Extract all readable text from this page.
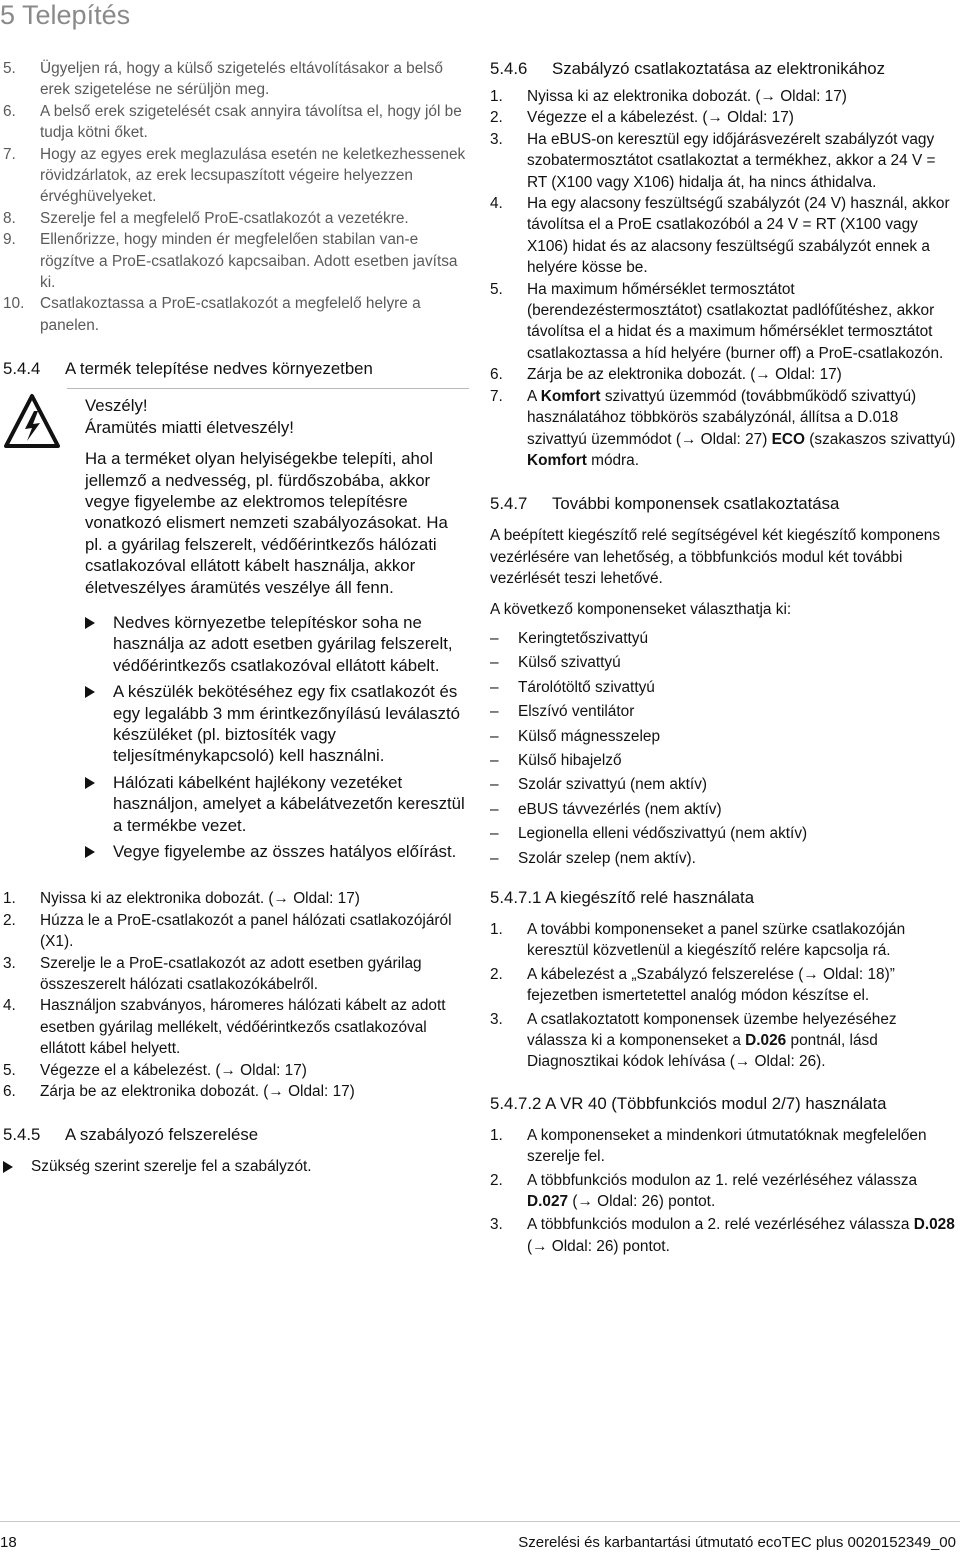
5 Telepítés
5. Ügyeljen rá, hogy a külső szigetelés eltávolításakor a belső erek szigetelése ne sérüljön meg.
6. A belső erek szigetelését csak annyira távolítsa el, hogy jól be tudja kötni őket.
7. Hogy az egyes erek meglazulása esetén ne keletkezhessenek rövidzárlatok, az erek lecsupaszított végeire helyezzen érvéghüvelyeket.
8. Szerelje fel a megfelelő ProE-csatlakozót a vezetékre.
9. Ellenőrizze, hogy minden ér megfelelően stabilan van-e rögzítve a ProE-csatlakozó kapcsaiban. Adott esetben javítsa ki.
10. Csatlakoztassa a ProE-csatlakozót a megfelelő helyre a panelen.
5.4.4 A termék telepítése nedves környezetben
Veszély!
Áramütés miatti életveszély!
Ha a terméket olyan helyiségekbe telepíti, ahol jellemző a nedvesség, pl. fürdőszobába, akkor vegye figyelembe az elektromos telepítésre vonatkozó elismert nemzeti szabályozásokat. Ha pl. a gyárilag felszerelt, védőérintkezős hálózati csatlakozóval ellátott kábelt használja, akkor életveszélyes áramütés veszélye áll fenn.
Nedves környezetbe telepítéskor soha ne használja az adott esetben gyárilag felszerelt, védőérintkezős csatlakozóval ellátott kábelt.
A készülék bekötéséhez egy fix csatlakozót és egy legalább 3 mm érintkezőnyílású leválasztó készüléket (pl. biztosíték vagy teljesítménykapcsoló) kell használni.
Hálózati kábelként hajlékony vezetéket használjon, amelyet a kábelátvezetőn keresztül a termékbe vezet.
Vegye figyelembe az összes hatályos előírást.
1. Nyissa ki az elektronika dobozát. (→ Oldal: 17)
2. Húzza le a ProE-csatlakozót a panel hálózati csatlakozójáról (X1).
3. Szerelje le a ProE-csatlakozót az adott esetben gyárilag összeszerelt hálózati csatlakozókábelről.
4. Használjon szabványos, háromeres hálózati kábelt az adott esetben gyárilag mellékelt, védőérintkezős csatlakozóval ellátott kábel helyett.
5. Végezze el a kábelezést. (→ Oldal: 17)
6. Zárja be az elektronika dobozát. (→ Oldal: 17)
5.4.5 A szabályozó felszerelése
Szükség szerint szerelje fel a szabályzót.
5.4.6 Szabályzó csatlakoztatása az elektronikához
1. Nyissa ki az elektronika dobozát. (→ Oldal: 17)
2. Végezze el a kábelezést. (→ Oldal: 17)
3. Ha eBUS-on keresztül egy időjárásvezérelt szabályzót vagy szobatermosztátot csatlakoztat a termékhez, akkor a 24 V = RT (X100 vagy X106) hidalja át, ha nincs áthidalva.
4. Ha egy alacsony feszültségű szabályzót (24 V) használ, akkor távolítsa el a ProE csatlakozóból a 24 V = RT (X100 vagy X106) hidat és az alacsony feszültségű szabályzót ennek a helyére kösse be.
5. Ha maximum hőmérséklet termosztátot (berendezéstermosztátot) csatlakoztat padlófűtéshez, akkor távolítsa el a hidat és a maximum hőmérséklet termosztátot csatlakoztassa a híd helyére (burner off) a ProE-csatlakozón.
6. Zárja be az elektronika dobozát. (→ Oldal: 17)
7. A Komfort szivattyú üzemmód (továbbműködő szivattyú) használatához többkörös szabályzónál, állítsa a D.018 szivattyú üzemmódot (→ Oldal: 27) ECO (szakaszos szivattyú) Komfort módra.
5.4.7 További komponensek csatlakoztatása

A beépített kiegészítő relé segítségével két kiegészítő komponens vezérlésére van lehetőség, a többfunkciós modul két további vezérlését teszi lehetővé.

A következő komponenseket választhatja ki:

– Keringtetőszivattyú
– Külső szivattyú
– Tárolótöltő szivattyú
– Elszívó ventilátor
– Külső mágnesszelep
– Külső hibajelző
– Szolár szivattyú (nem aktív)
– eBUS távvezérlés (nem aktív)
– Legionella elleni védőszivattyú (nem aktív)
– Szolár szelep (nem aktív).
5.4.7.1 A kiegészítő relé használata
1. A további komponenseket a panel szürke csatlakozóján keresztül közvetlenül a kiegészítő relére kapcsolja rá.
2. A kábelezést a „Szabályzó felszerelése (→ Oldal: 18)” fejezetben ismertetettel analóg módon készítse el.
3. A csatlakoztatott komponensek üzembe helyezéséhez válassza ki a komponenseket a D.026 pontnál, lásd Diagnosztikai kódok lehívása (→ Oldal: 26).
5.4.7.2 A VR 40 (Többfunkciós modul 2/7) használata
1. A komponenseket a mindenkori útmutatóknak megfelelően szerelje fel.
2. A többfunkciós modulon az 1. relé vezérléséhez válassza D.027 (→ Oldal: 26) pontot.
3. A többfunkciós modulon a 2. relé vezérléséhez válassza D.028 (→ Oldal: 26) pontot.
18	Szerelési és karbantartási útmutató ecoTEC plus 0020152349_00
